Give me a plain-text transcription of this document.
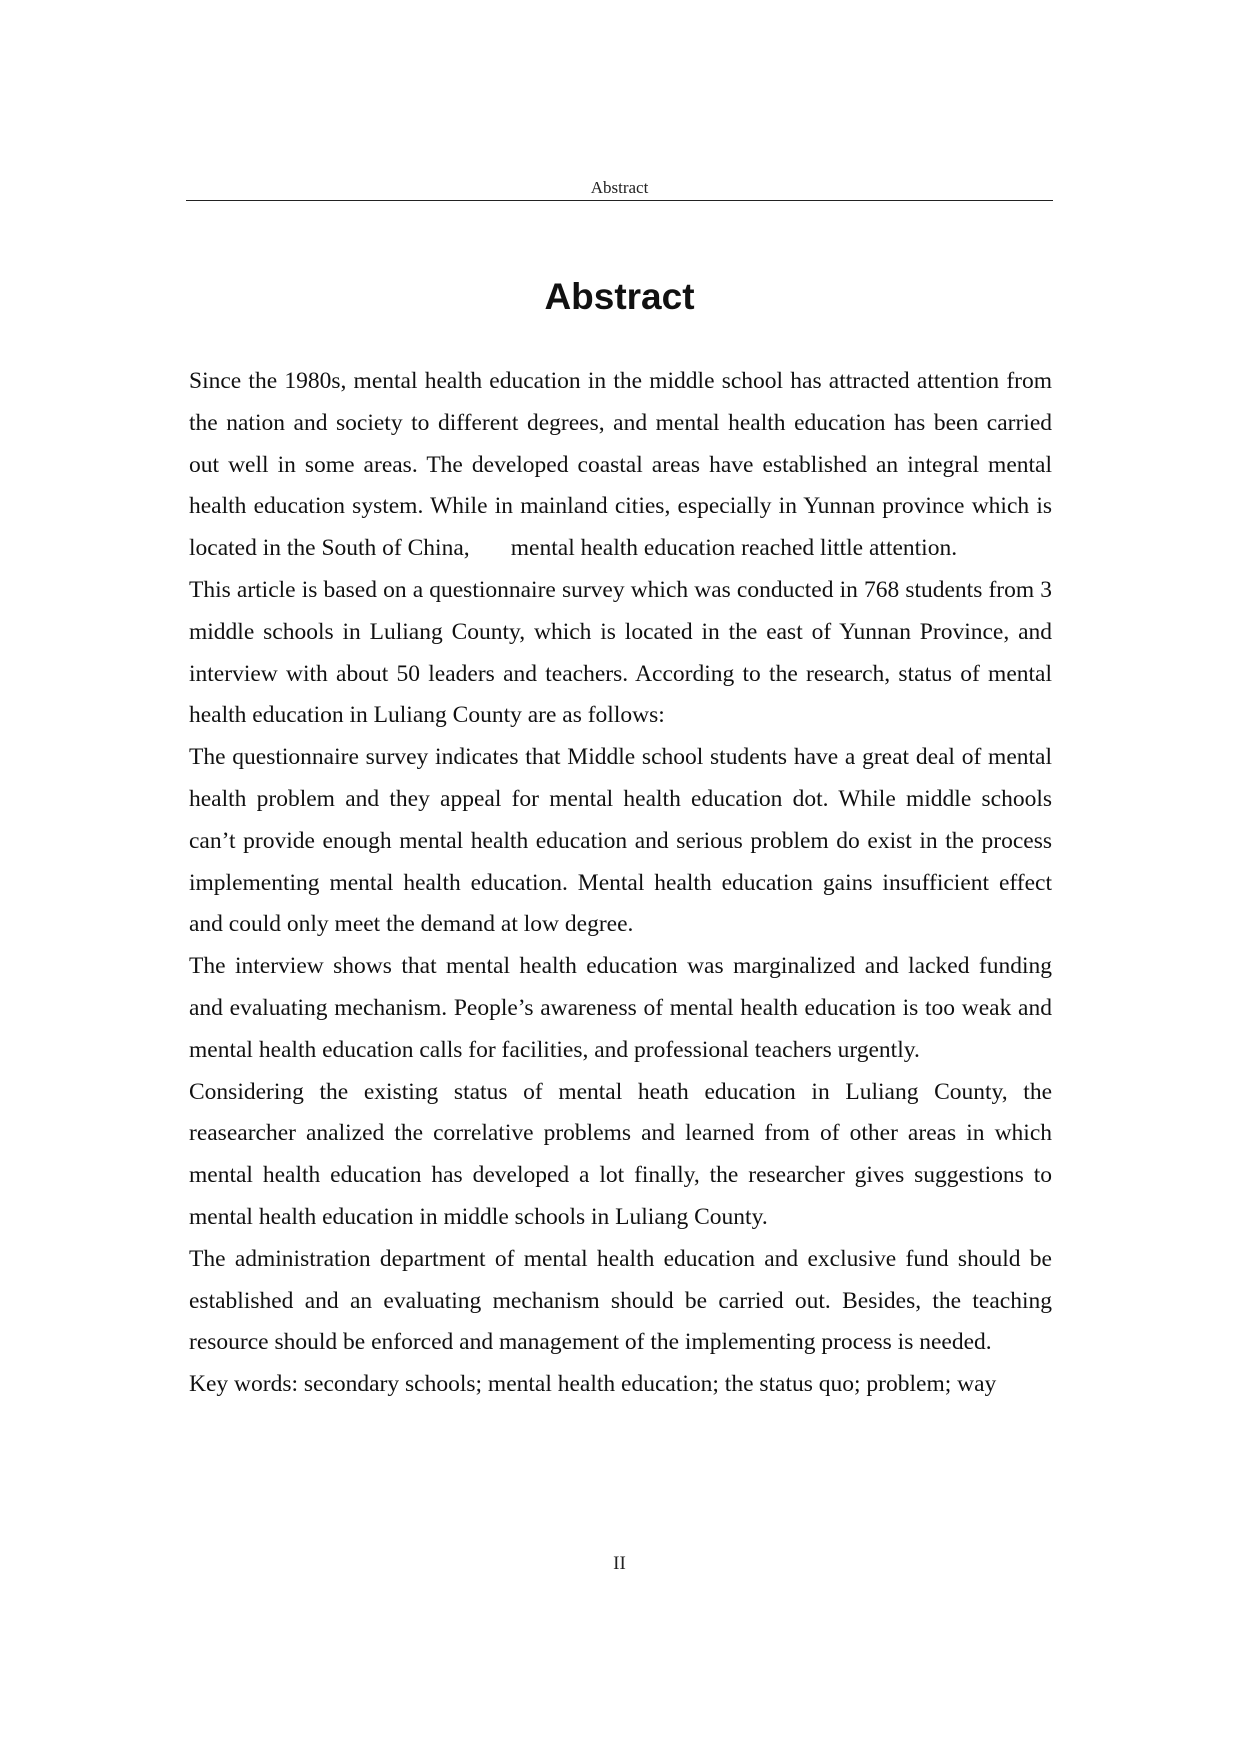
Abstract
Abstract

Since the 1980s, mental health education in the middle school has attracted attention from the nation and society to different degrees, and mental health education has been carried out well in some areas. The developed coastal areas have established an integral mental health education system. While in mainland cities, especially in Yunnan province which is located in the South of China,       mental health education reached little attention.

This article is based on a questionnaire survey which was conducted in 768 students from 3 middle schools in Luliang County, which is located in the east of Yunnan Province, and interview with about 50 leaders and teachers. According to the research, status of mental health education in Luliang County are as follows:

The questionnaire survey indicates that Middle school students have a great deal of mental health problem and they appeal for mental health education dot. While middle schools can’t provide enough mental health education and serious problem do exist in the process implementing mental health education. Mental health education gains insufficient effect and could only meet the demand at low degree.

The interview shows that mental health education was marginalized and lacked funding and evaluating mechanism. People’s awareness of mental health education is too weak and mental health education calls for facilities, and professional teachers urgently.

Considering the existing status of mental heath education in Luliang County, the reasearcher analized the correlative problems and learned from of other areas in which mental health education has developed a lot finally, the researcher gives suggestions to mental health education in middle schools in Luliang County.

The administration department of mental health education and exclusive fund should be established and an evaluating mechanism should be carried out. Besides, the teaching resource should be enforced and management of the implementing process is needed.

Key words: secondary schools; mental health education; the status quo; problem; way

II
